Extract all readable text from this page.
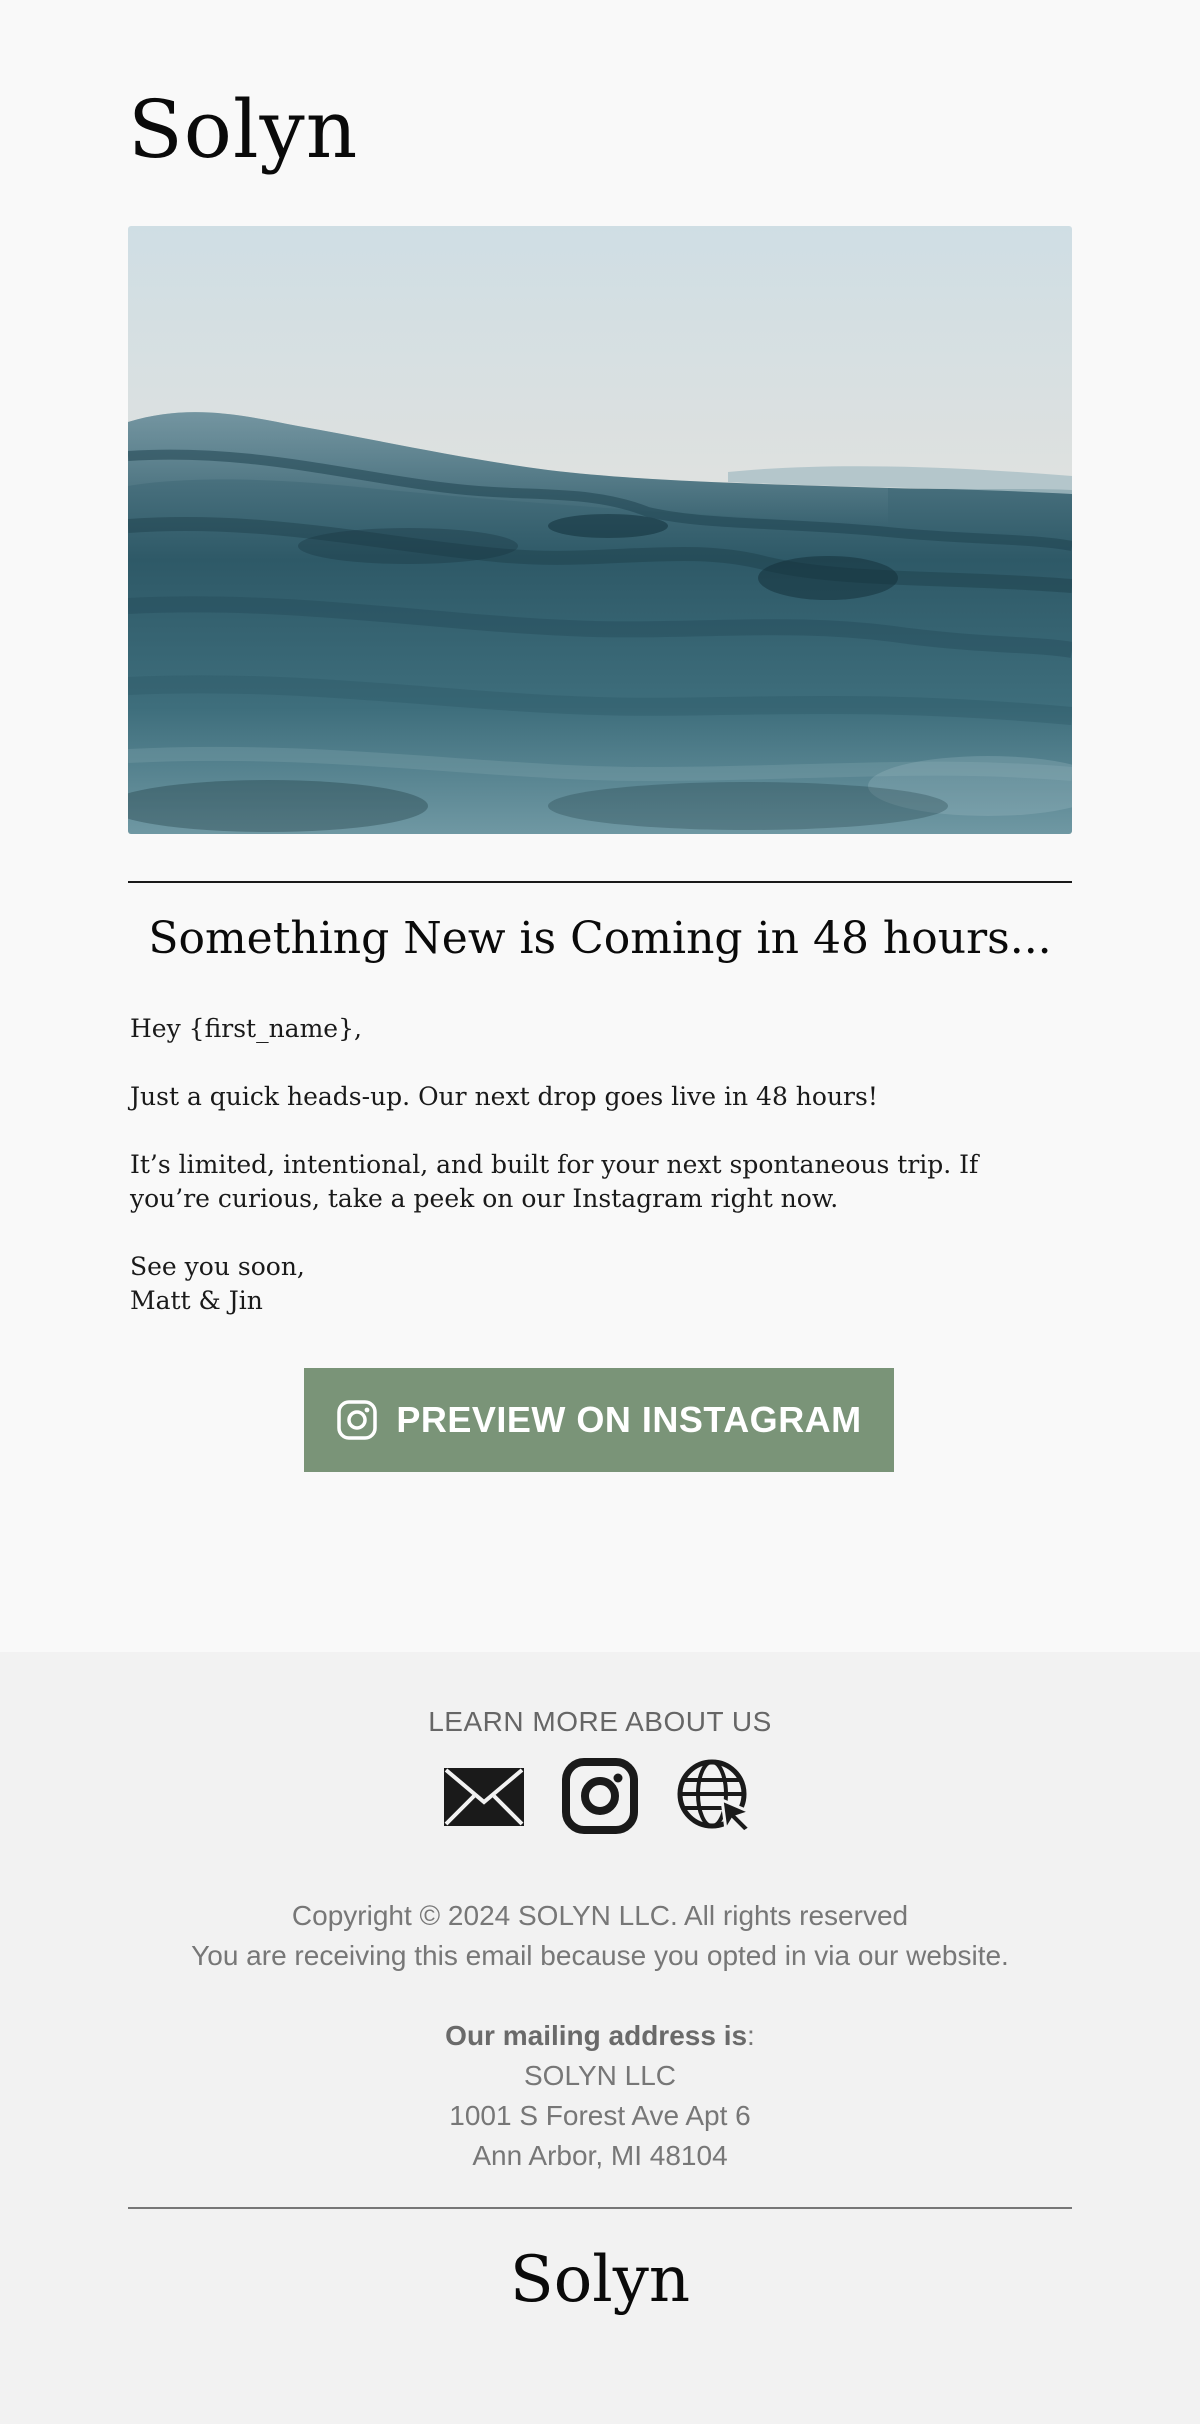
Solyn
Something New is Coming in 48 hours...

Hey {first_name},

Just a quick heads-up. Our next drop goes live in 48 hours!

It’s limited, intentional, and built for your next spontaneous trip. If you’re curious, take a peek on our Instagram right now.

See you soon,
Matt & Jin

PREVIEW ON INSTAGRAM
LEARN MORE ABOUT US
Copyright © 2024 SOLYN LLC. All rights reserved
You are receiving this email because you opted in via our website.
Our mailing address is:
SOLYN LLC
1001 S Forest Ave Apt 6
Ann Arbor, MI 48104
Solyn
